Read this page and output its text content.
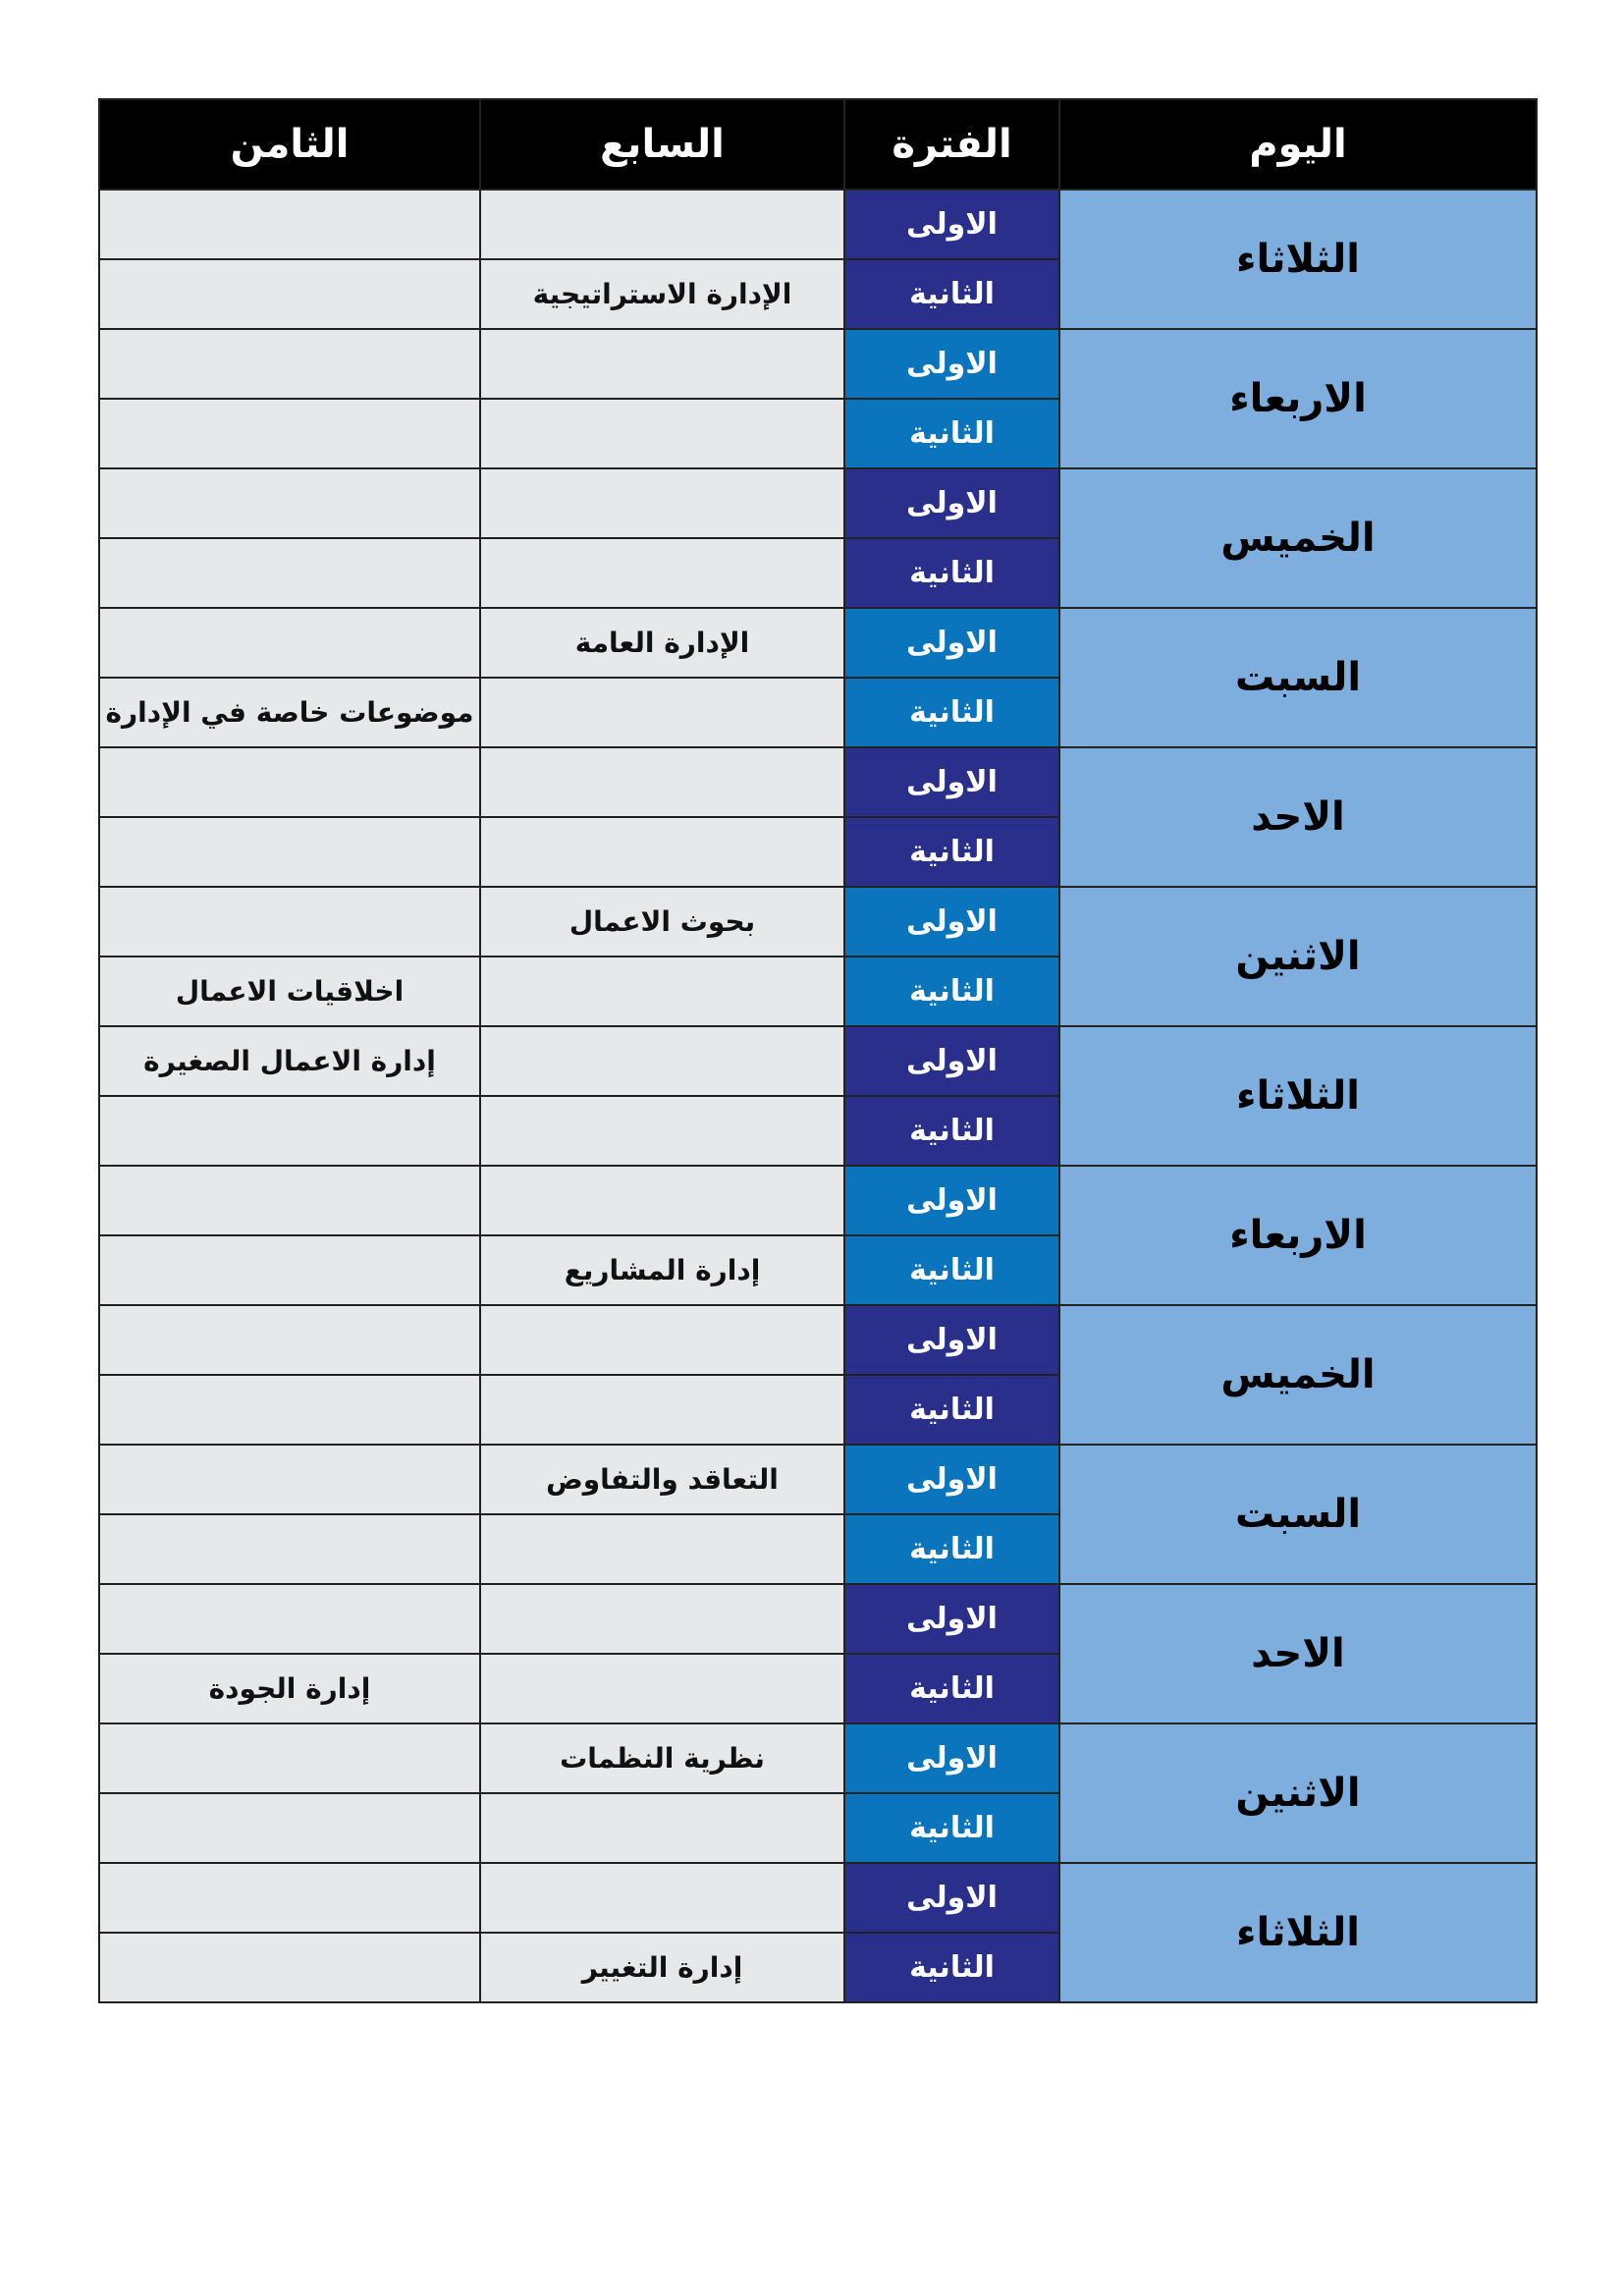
اليوم	الفترة	السابع	الثامن
الثلاثاء	الاولى		
	الثانية	الإدارة الاستراتيجية	
الاربعاء	الاولى		
	الثانية		
الخميس	الاولى		
	الثانية		
السبت	الاولى	الإدارة العامة	
	الثانية		موضوعات خاصة في الإدارة
الاحد	الاولى		
	الثانية		
الاثنين	الاولى	بحوث الاعمال	
	الثانية		اخلاقيات الاعمال
الثلاثاء	الاولى		إدارة الاعمال الصغيرة
	الثانية		
الاربعاء	الاولى		
	الثانية	إدارة المشاريع	
الخميس	الاولى		
	الثانية		
السبت	الاولى	التعاقد والتفاوض	
	الثانية		
الاحد	الاولى		
	الثانية		إدارة الجودة
الاثنين	الاولى	نظرية النظمات	
	الثانية		
الثلاثاء	الاولى		
	الثانية	إدارة التغيير	
